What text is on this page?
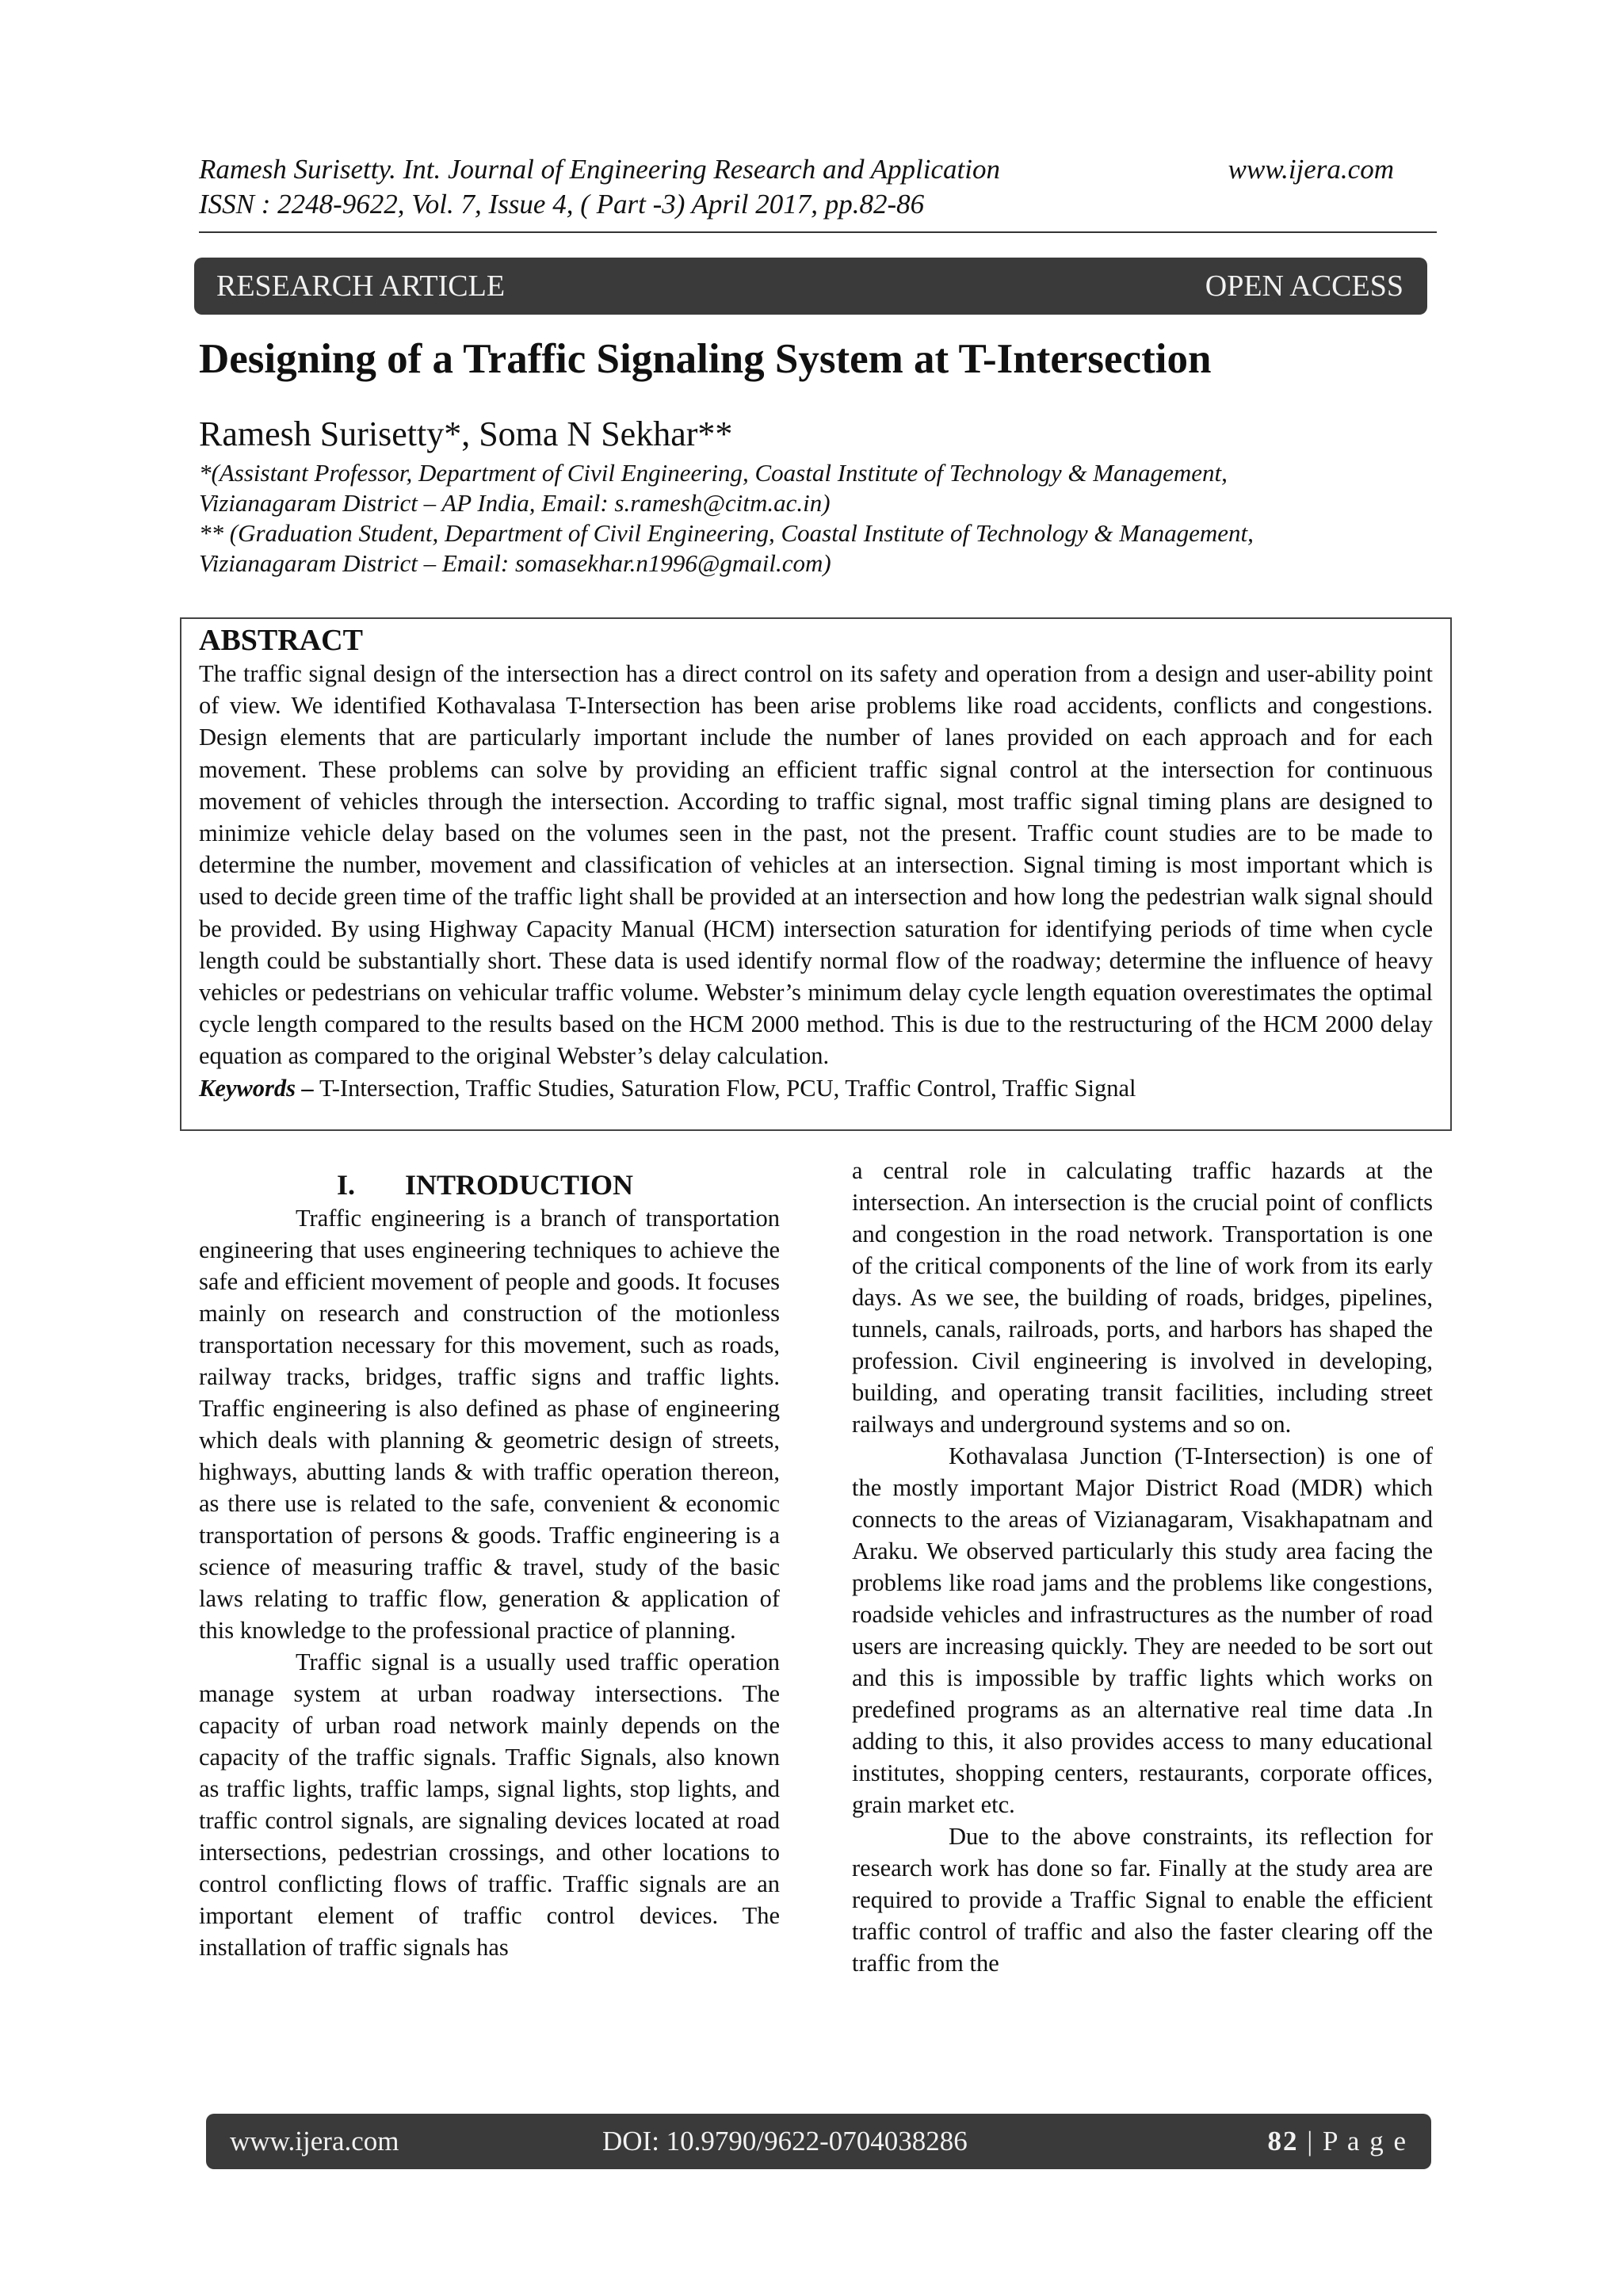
Ramesh Surisetty. Int. Journal of Engineering Research and Application	www.ijera.com
ISSN : 2248-9622, Vol. 7, Issue 4, ( Part -3) April 2017, pp.82-86
RESEARCH ARTICLE	OPEN ACCESS
Designing of a Traffic Signaling System at T-Intersection
Ramesh Surisetty*, Soma N Sekhar**
*(Assistant Professor, Department of Civil Engineering, Coastal Institute of Technology & Management,
Vizianagaram District – AP India, Email: s.ramesh@citm.ac.in)
** (Graduation Student, Department of Civil Engineering, Coastal Institute of Technology & Management,
Vizianagaram District – Email: somasekhar.n1996@gmail.com)
ABSTRACT
The traffic signal design of the intersection has a direct control on its safety and operation from a design and user-ability point of view. We identified Kothavalasa T-Intersection has been arise problems like road accidents, conflicts and congestions. Design elements that are particularly important include the number of lanes provided on each approach and for each movement. These problems can solve by providing an efficient traffic signal control at the intersection for continuous movement of vehicles through the intersection. According to traffic signal, most traffic signal timing plans are designed to minimize vehicle delay based on the volumes seen in the past, not the present. Traffic count studies are to be made to determine the number, movement and classification of vehicles at an intersection. Signal timing is most important which is used to decide green time of the traffic light shall be provided at an intersection and how long the pedestrian walk signal should be provided. By using Highway Capacity Manual (HCM) intersection saturation for identifying periods of time when cycle length could be substantially short. These data is used identify normal flow of the roadway; determine the influence of heavy vehicles or pedestrians on vehicular traffic volume. Webster’s minimum delay cycle length equation overestimates the optimal cycle length compared to the results based on the HCM 2000 method. This is due to the restructuring of the HCM 2000 delay equation as compared to the original Webster’s delay calculation.
Keywords – T-Intersection, Traffic Studies, Saturation Flow, PCU, Traffic Control, Traffic Signal
I. INTRODUCTION

Traffic engineering is a branch of transportation engineering that uses engineering techniques to achieve the safe and efficient movement of people and goods. It focuses mainly on research and construction of the motionless transportation necessary for this movement, such as roads, railway tracks, bridges, traffic signs and traffic lights. Traffic engineering is also defined as phase of engineering which deals with planning & geometric design of streets, highways, abutting lands & with traffic operation thereon, as there use is related to the safe, convenient & economic transportation of persons & goods. Traffic engineering is a science of measuring traffic & travel, study of the basic laws relating to traffic flow, generation & application of this knowledge to the professional practice of planning.

Traffic signal is a usually used traffic operation manage system at urban roadway intersections. The capacity of urban road network mainly depends on the capacity of the traffic signals. Traffic Signals, also known as traffic lights, traffic lamps, signal lights, stop lights, and traffic control signals, are signaling devices located at road intersections, pedestrian crossings, and other locations to control conflicting flows of traffic. Traffic signals are an important element of traffic control devices. The installation of traffic signals has

a central role in calculating traffic hazards at the intersection. An intersection is the crucial point of conflicts and congestion in the road network. Transportation is one of the critical components of the line of work from its early days. As we see, the building of roads, bridges, pipelines, tunnels, canals, railroads, ports, and harbors has shaped the profession. Civil engineering is involved in developing, building, and operating transit facilities, including street railways and underground systems and so on.

Kothavalasa Junction (T-Intersection) is one of the mostly important Major District Road (MDR) which connects to the areas of Vizianagaram, Visakhapatnam and Araku. We observed particularly this study area facing the problems like road jams and the problems like congestions, roadside vehicles and infrastructures as the number of road users are increasing quickly. They are needed to be sort out and this is impossible by traffic lights which works on predefined programs as an alternative real time data .In adding to this, it also provides access to many educational institutes, shopping centers, restaurants, corporate offices, grain market etc.

Due to the above constraints, its reflection for research work has done so far. Finally at the study area are required to provide a Traffic Signal to enable the efficient traffic control of traffic and also the faster clearing off the traffic from the

www.ijera.com	DOI: 10.9790/9622-0704038286	82 | P a g e
